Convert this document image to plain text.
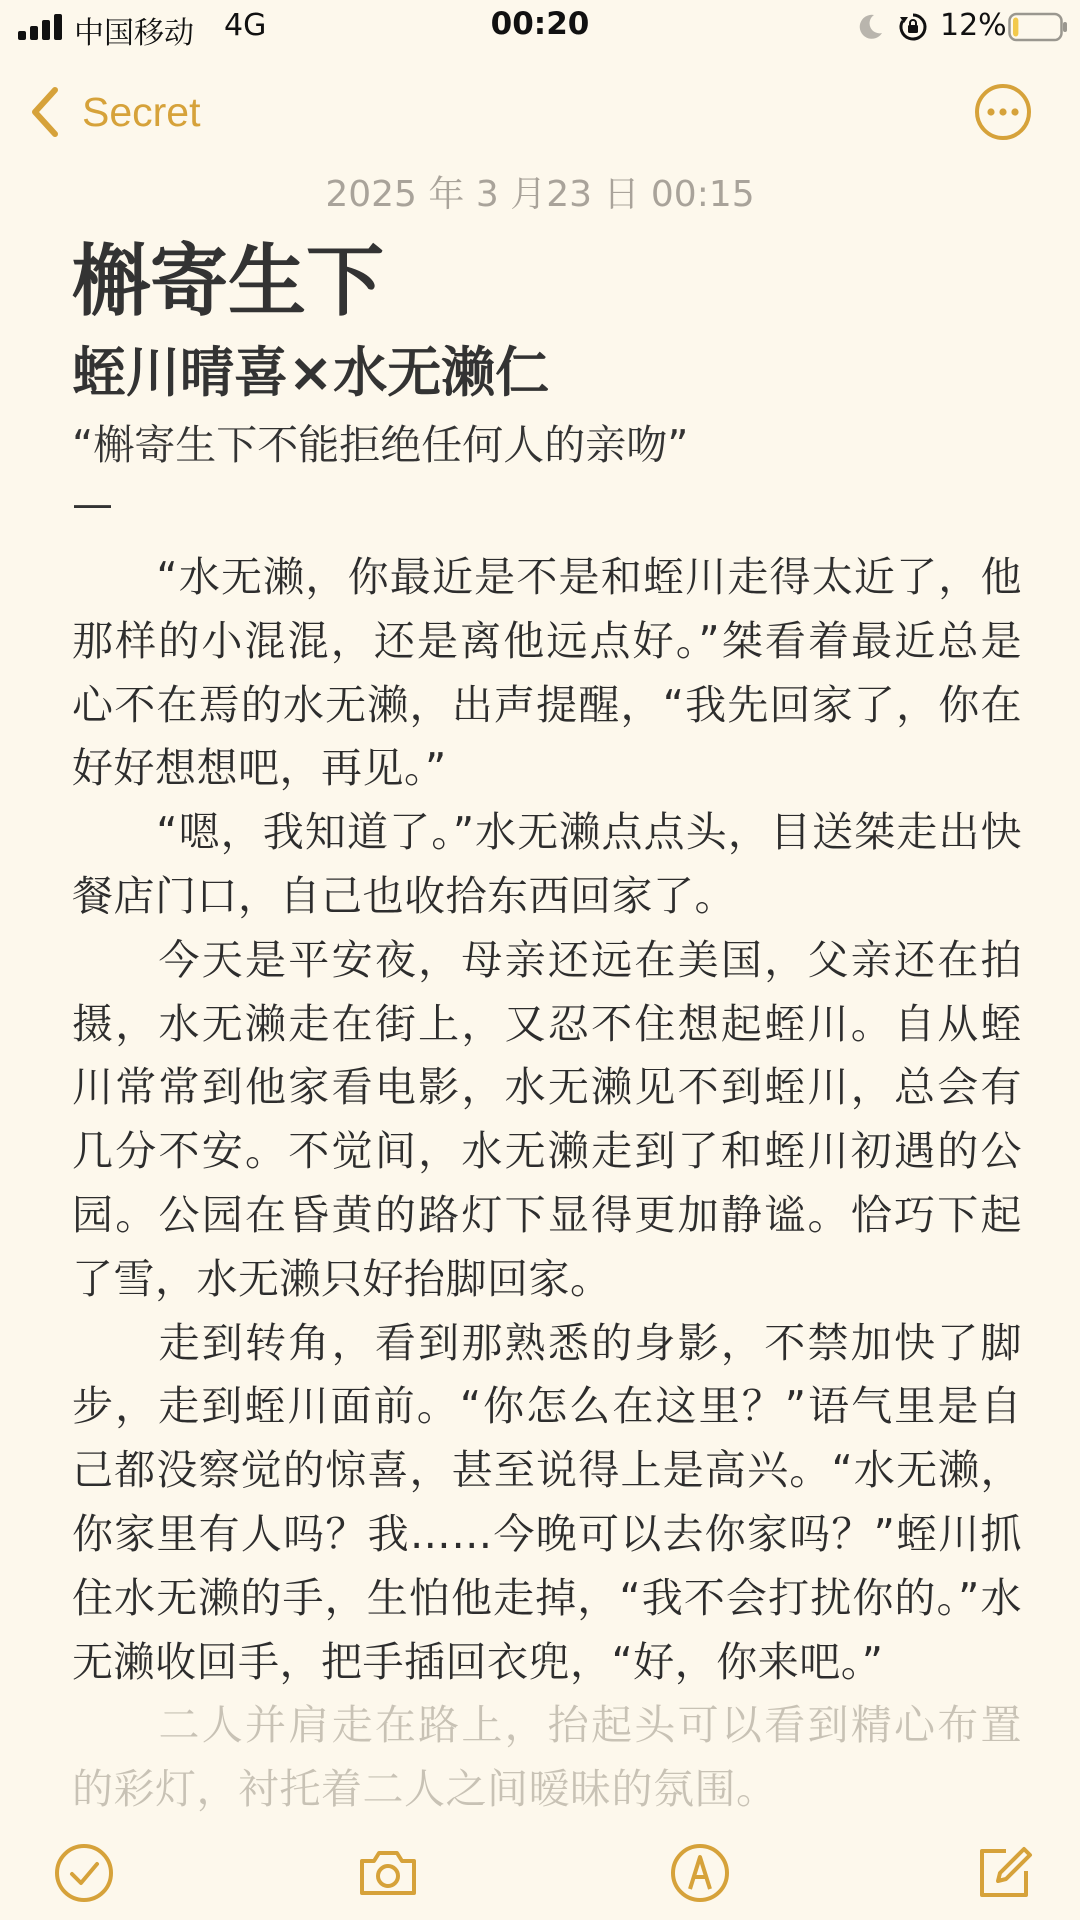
中国移动 4G	00:20	12%
Secret
2025 年 3 月23 日 00:15

槲寄生下

蛭川晴喜×水无濑仁

“槲寄生下不能拒绝任何人的亲吻”

—

　　“水无濑，你最近是不是和蛭川走得太近了，他那样的小混混，还是离他远点好。”桀看着最近总是心不在焉的水无濑，出声提醒，“我先回家了，你在好好想想吧，再见。”

　　“嗯，我知道了。”水无濑点点头，目送桀走出快餐店门口，自己也收拾东西回家了。

　　今天是平安夜，母亲还远在美国，父亲还在拍摄，水无濑走在街上，又忍不住想起蛭川。自从蛭川常常到他家看电影，水无濑见不到蛭川，总会有几分不安。不觉间，水无濑走到了和蛭川初遇的公园。公园在昏黄的路灯下显得更加静谧。恰巧下起了雪，水无濑只好抬脚回家。

　　走到转角，看到那熟悉的身影，不禁加快了脚步，走到蛭川面前。“你怎么在这里？”语气里是自己都没察觉的惊喜，甚至说得上是高兴。“水无濑，你家里有人吗？我……今晚可以去你家吗？”蛭川抓住水无濑的手，生怕他走掉，“我不会打扰你的。”水无濑收回手，把手插回衣兜，“好，你来吧。”

　　二人并肩走在路上，抬起头可以看到精心布置的彩灯，衬托着二人之间暧昧的氛围。
